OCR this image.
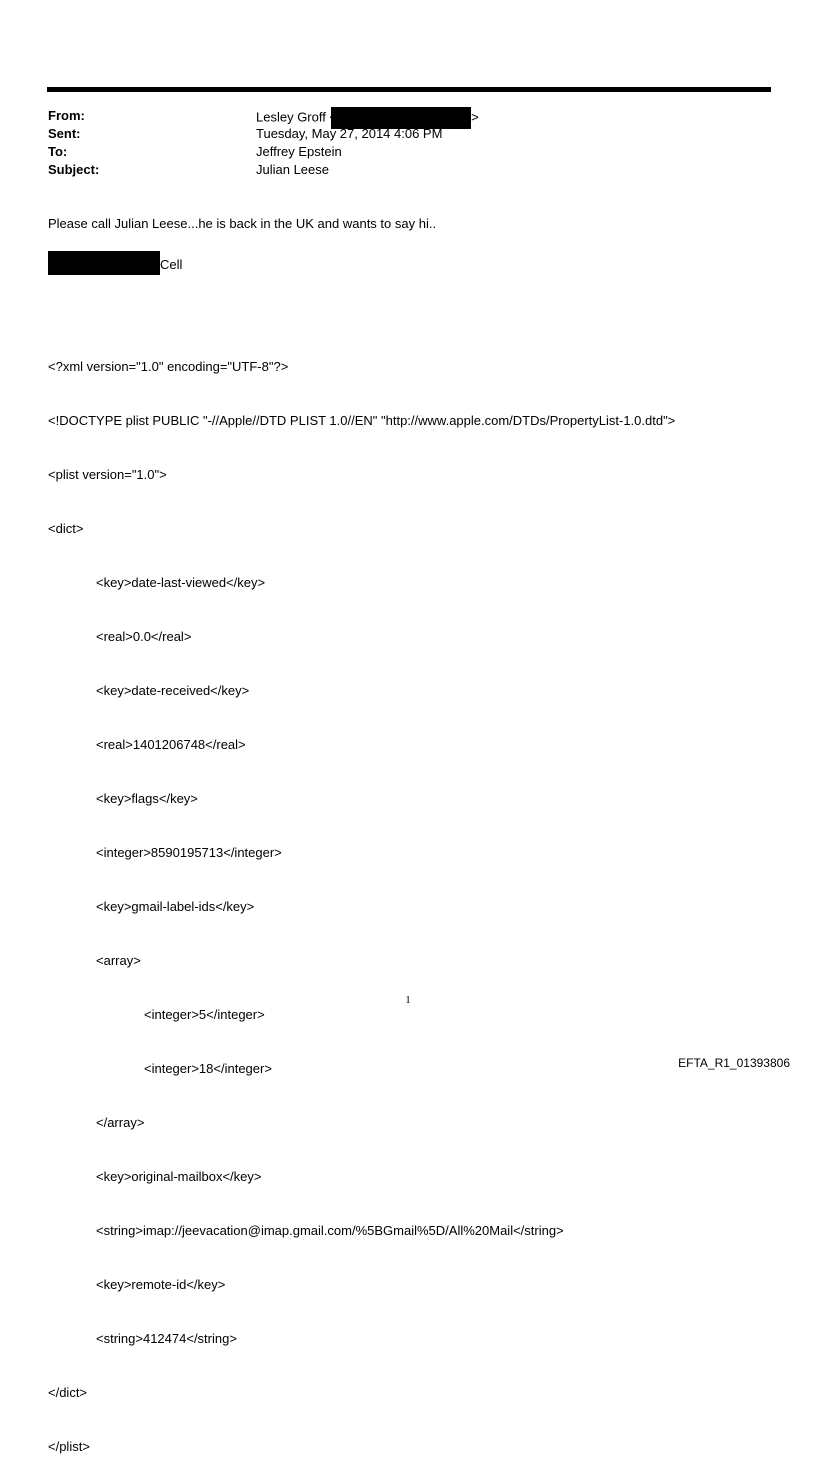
From:	Lesley Groff	>
Sent:	Tuesday, May 27, 2014 4:06 PM
To:	Jeffrey Epstein
Subject:	Julian Leese
Please call Julian Leese...he is back in the UK and wants to say hi..
Cell

<?xml version="1.0" encoding="UTF-8"?>

<!DOCTYPE plist PUBLIC "-//Apple//DTD PLIST 1.0//EN" "http://www.apple.com/DTDs/PropertyList-1.0.dtd">

<plist version="1.0">

<dict>

<key>date-last-viewed</key>

<real>0.0</real>

<key>date-received</key>

<real>1401206748</real>

<key>flags</key>

<integer>8590195713</integer>

<key>gmail-label-ids</key>

<array>

<integer>5</integer>

<integer>18</integer>

</array>

<key>original-mailbox</key>

<string>imap://jeevacation@imap.gmail.com/%5BGmail%5D/All%20Mail</string>

<key>remote-id</key>

<string>412474</string>

</dict>

</plist>

1
EFTA_R1_01393806
